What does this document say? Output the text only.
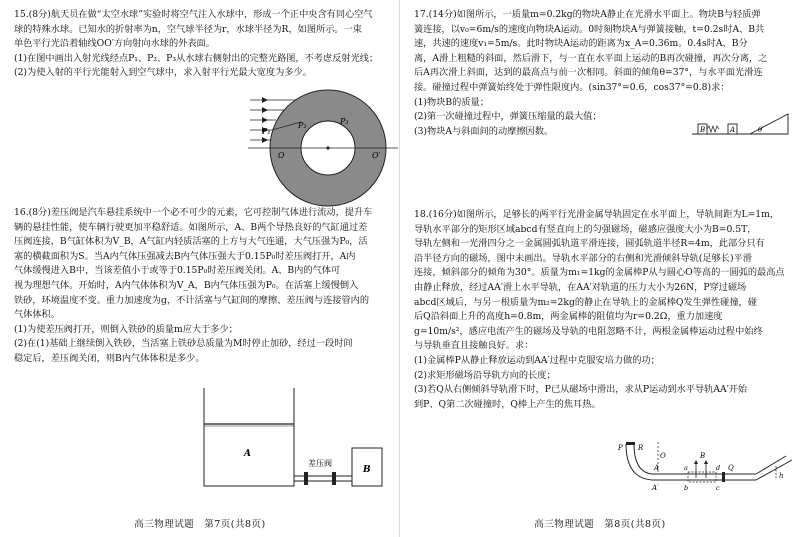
15.(8分)航天员在做“太空水球”实验时将空气注入水球中，形成一个正中央含有同心空气

球的特殊水球。已知水的折射率为n，空气球半径为r，水球半径为R，如图所示。一束

单色平行光沿着轴线OO′方向射向水球的外表面。

(1)在图中画出入射光线经点P₁、P₂、P₃从水球右侧射出的完整光路图，不考虑反射光线；

(2)为使入射的平行光能射入到空气球中，求入射平行光最大宽度为多少。

P₁
P₂	P₃
O	O′

16.(8分)差压阀是汽车悬挂系统中一个必不可少的元素，它可控制气体进行流动，提升车

辆的悬挂性能，使车辆行驶更加平稳舒适。如图所示，A、B两个导热良好的气缸通过差

压阀连接，B气缸体积为V_B，A气缸内轻质活塞的上方与大气连通，大气压强为P₀，活

塞的横截面积为S。当A内气体压强减去B内气体压强大于0.15P₀时差压阀打开，A内

气体缓慢进入B中，当该差值小于或等于0.15P₀时差压阀关闭。A、B内的气体可

视为理想气体。开始时，A内气体体积为V_A，B内气体压强为P₀。在活塞上缓慢倒入

铁砂，环境温度不变。重力加速度为g，不计活塞与气缸间的摩擦、差压阀与连接管内的

气体体积。

(1)为使差压阀打开，则倒入铁砂的质量m应大于多少；

(2)在(1)基础上继续倒入铁砂，当活塞上铁砂总质量为M时停止加砂，经过一段时间

稳定后，差压阀关闭，则B内气体体积是多少。

A
差压阀
B
高三物理试题　第7页(共8页)

17.(14分)如图所示，一质量m=0.2kg的物块A静止在光滑水平面上。物块B与轻质弹

簧连接，以v₀=6m/s的速度向物块A运动。0时刻物块A与弹簧接触，t=0.2s时A、B共

速，共速的速度v₁=5m/s。此时物块A运动的距离为x_A=0.36m。0.4s时A、B分

离，A滑上粗糙的斜面，然后滑下，与一直在水平面上运动的B再次碰撞，再次分离，之

后A再次滑上斜面，达到的最高点与前一次相同。斜面的倾角θ=37°，与水平面光滑连

接。碰撞过程中弹簧始终处于弹性限度内。(sin37°=0.6，cos37°=0.8)求：

(1)物块B的质量；

(2)第一次碰撞过程中，弹簧压缩量的最大值；

(3)物块A与斜面间的动摩擦因数。	B	A	θ

18.(16分)如图所示，足够长的两平行光滑金属导轨固定在水平面上，导轨间距为L=1m，

导轨水平部分的矩形区域abcd有竖直向上的匀强磁场，磁感应强度大小为B=0.5T，

导轨左侧和一光滑四分之一金属圆弧轨道平滑连接，圆弧轨道半径R=4m，此部分只有

沿半径方向的磁场，图中未画出。导轨水平部分的右侧和光滑倾斜导轨(足够长)平滑

连接，倾斜部分的倾角为30°。质量为m₁=1kg的金属棒P从与圆心O等高的一圆弧的最高点

由静止释放，经过AA′滑上水平导轨，在AA′对轨道的压力大小为26N，P穿过磁场

abcd区域后，与另一根质量为m₂=2kg的静止在导轨上的金属棒Q发生弹性碰撞，碰

后Q沿斜面上升的高度h=0.8m，两金属棒的阻值均为r=0.2Ω，重力加速度

g=10m/s²，感应电流产生的磁场及导轨的电阻忽略不计，两根金属棒运动过程中始终

与导轨垂直且接触良好。求：

(1)金属棒P从静止释放运动到AA′过程中克服安培力做的功；

(2)求矩形磁场沿导轨方向的长度；

(3)若Q从右侧倾斜导轨滑下时，P已从磁场中滑出，求从P运动到水平导轨AA′开始

到P、Q第二次碰撞时，Q棒上产生的焦耳热。

P R
O
A
A′
a
b	c
d
B
Q
h
高三物理试题　第8页(共8页)
